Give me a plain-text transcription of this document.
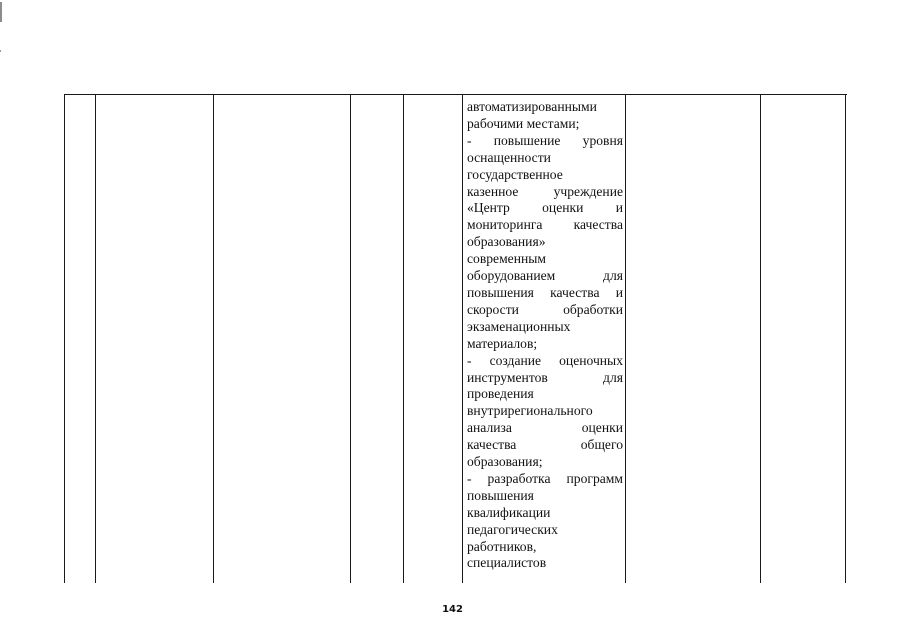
автоматизированными
рабочими местами;
- повышение уровня
оснащенности
государственное
казенное учреждение
«Центр оценки и
мониторинга качества
образования»
современным
оборудованием для
повышения качества и
скорости обработки
экзаменационных
материалов;
- создание оценочных
инструментов для
проведения
внутрирегионального
анализа оценки
качества общего
образования;
- разработка программ
повышения
квалификации
педагогических
работников,
специалистов
142
